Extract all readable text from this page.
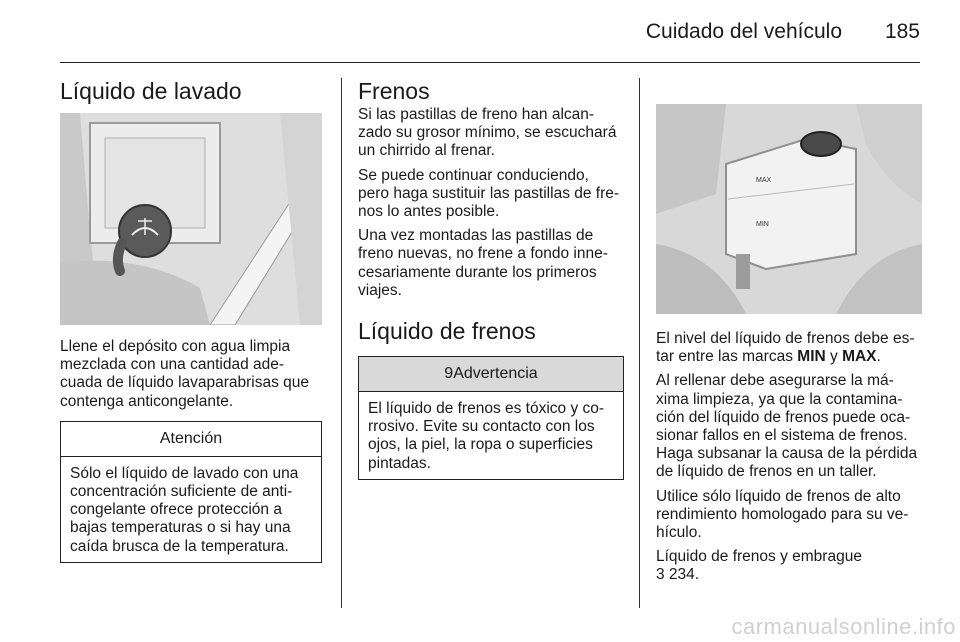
Cuidado del vehículo 185
Líquido de lavado

Llene el depósito con agua limpia mezclada con una cantidad ade- cuada de líquido lavaparabrisas que contenga anticongelante.

Atención

Sólo el líquido de lavado con una concentración suficiente de anti- congelante ofrece protección a bajas temperaturas o si hay una caída brusca de la temperatura.

Frenos

Si las pastillas de freno han alcan- zado su grosor mínimo, se escuchará un chirrido al frenar.

Se puede continuar conduciendo, pero haga sustituir las pastillas de fre- nos lo antes posible.

Una vez montadas las pastillas de freno nuevas, no frene a fondo inne- cesariamente durante los primeros viajes.

Líquido de frenos
9Advertencia

El líquido de frenos es tóxico y co- rrosivo. Evite su contacto con los ojos, la piel, la ropa o superficies pintadas.

MAX
MIN

El nivel del líquido de frenos debe es- tar entre las marcas MIN y MAX.

Al rellenar debe asegurarse la má- xima limpieza, ya que la contamina- ción del líquido de frenos puede oca- sionar fallos en el sistema de frenos. Haga subsanar la causa de la pérdida de líquido de frenos en un taller.

Utilice sólo líquido de frenos de alto rendimiento homologado para su ve- hículo.

Líquido de frenos y embrague
3 234.

carmanualsonline.info
